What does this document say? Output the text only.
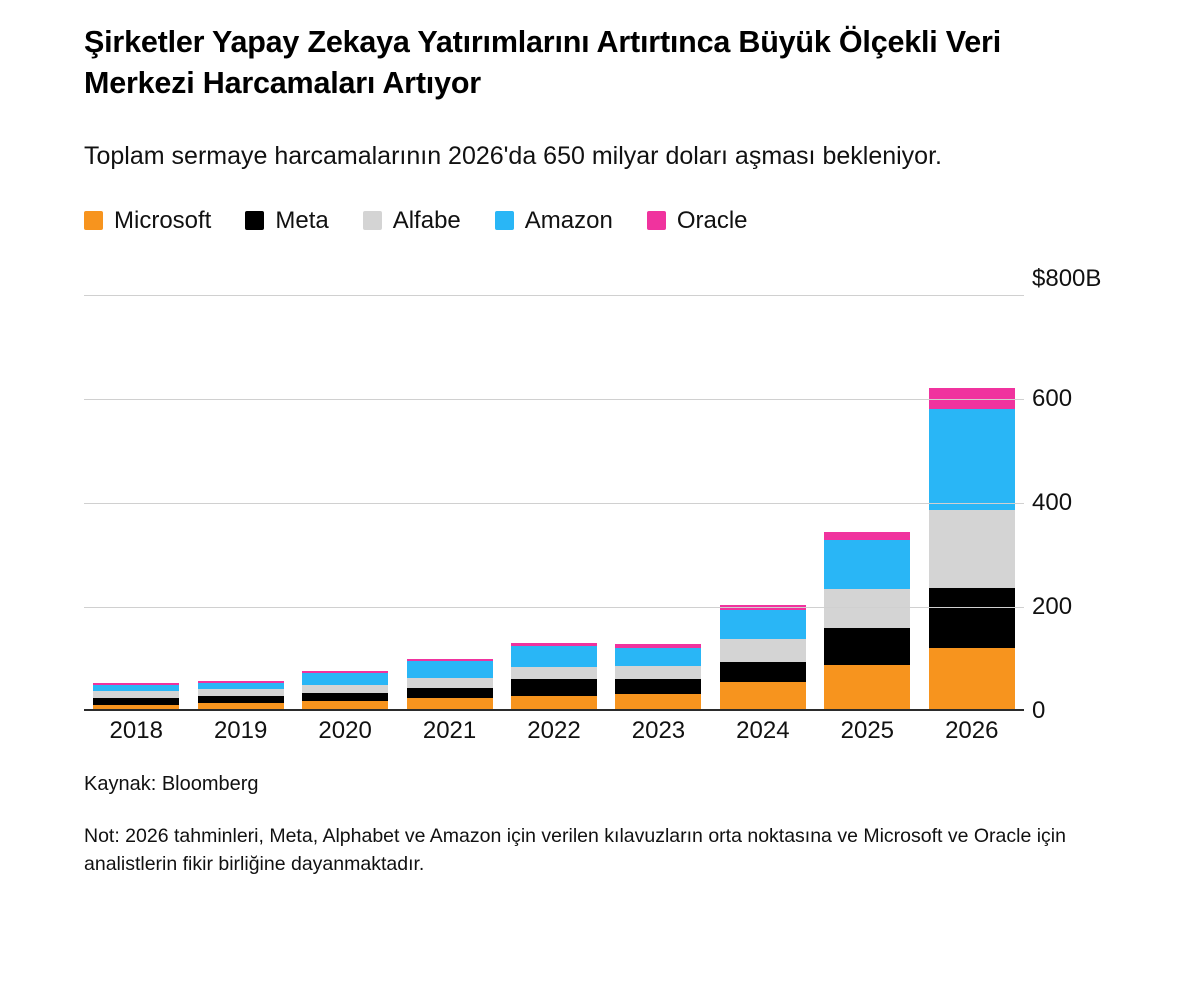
Şirketler Yapay Zekaya Yatırımlarını Artırtınca Büyük Ölçekli Veri Merkezi Harcamaları Artıyor

Toplam sermaye harcamalarının 2026'da 650 milyar doları aşması bekleniyor.

Microsoft	Meta	Alfabe	Amazon	Oracle
0
200
400
600
$800B
2018 2019 2020 2021 2022 2023 2024 2025 2026
Kaynak: Bloomberg
Not: 2026 tahminleri, Meta, Alphabet ve Amazon için verilen kılavuzların orta noktasına ve Microsoft ve Oracle için analistlerin fikir birliğine dayanmaktadır.
